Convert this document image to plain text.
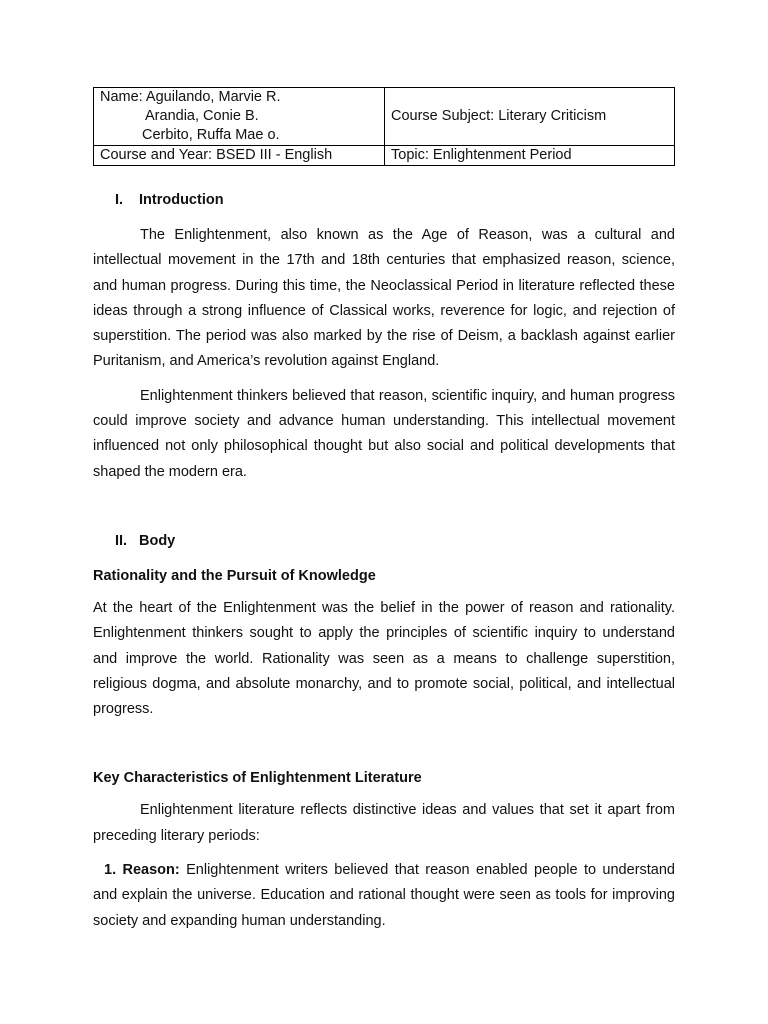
Name: Aguilando, Marvie R.
Arandia, Conie B.
Cerbito, Ruffa Mae o.	Course Subject: Literary Criticism
Course and Year: BSED III - English	Topic: Enlightenment Period
I. Introduction

The Enlightenment, also known as the Age of Reason, was a cultural and intellectual movement in the 17th and 18th centuries that emphasized reason, science, and human progress. During this time, the Neoclassical Period in literature reflected these ideas through a strong influence of Classical works, reverence for logic, and rejection of superstition. The period was also marked by the rise of Deism, a backlash against earlier Puritanism, and America’s revolution against England.

Enlightenment thinkers believed that reason, scientific inquiry, and human progress could improve society and advance human understanding. This intellectual movement influenced not only philosophical thought but also social and political developments that shaped the modern era.

II. Body
Rationality and the Pursuit of Knowledge

At the heart of the Enlightenment was the belief in the power of reason and rationality. Enlightenment thinkers sought to apply the principles of scientific inquiry to understand and improve the world. Rationality was seen as a means to challenge superstition, religious dogma, and absolute monarchy, and to promote social, political, and intellectual progress.

Key Characteristics of Enlightenment Literature

Enlightenment literature reflects distinctive ideas and values that set it apart from preceding literary periods:

1. Reason: Enlightenment writers believed that reason enabled people to understand and explain the universe. Education and rational thought were seen as tools for improving society and expanding human understanding.
